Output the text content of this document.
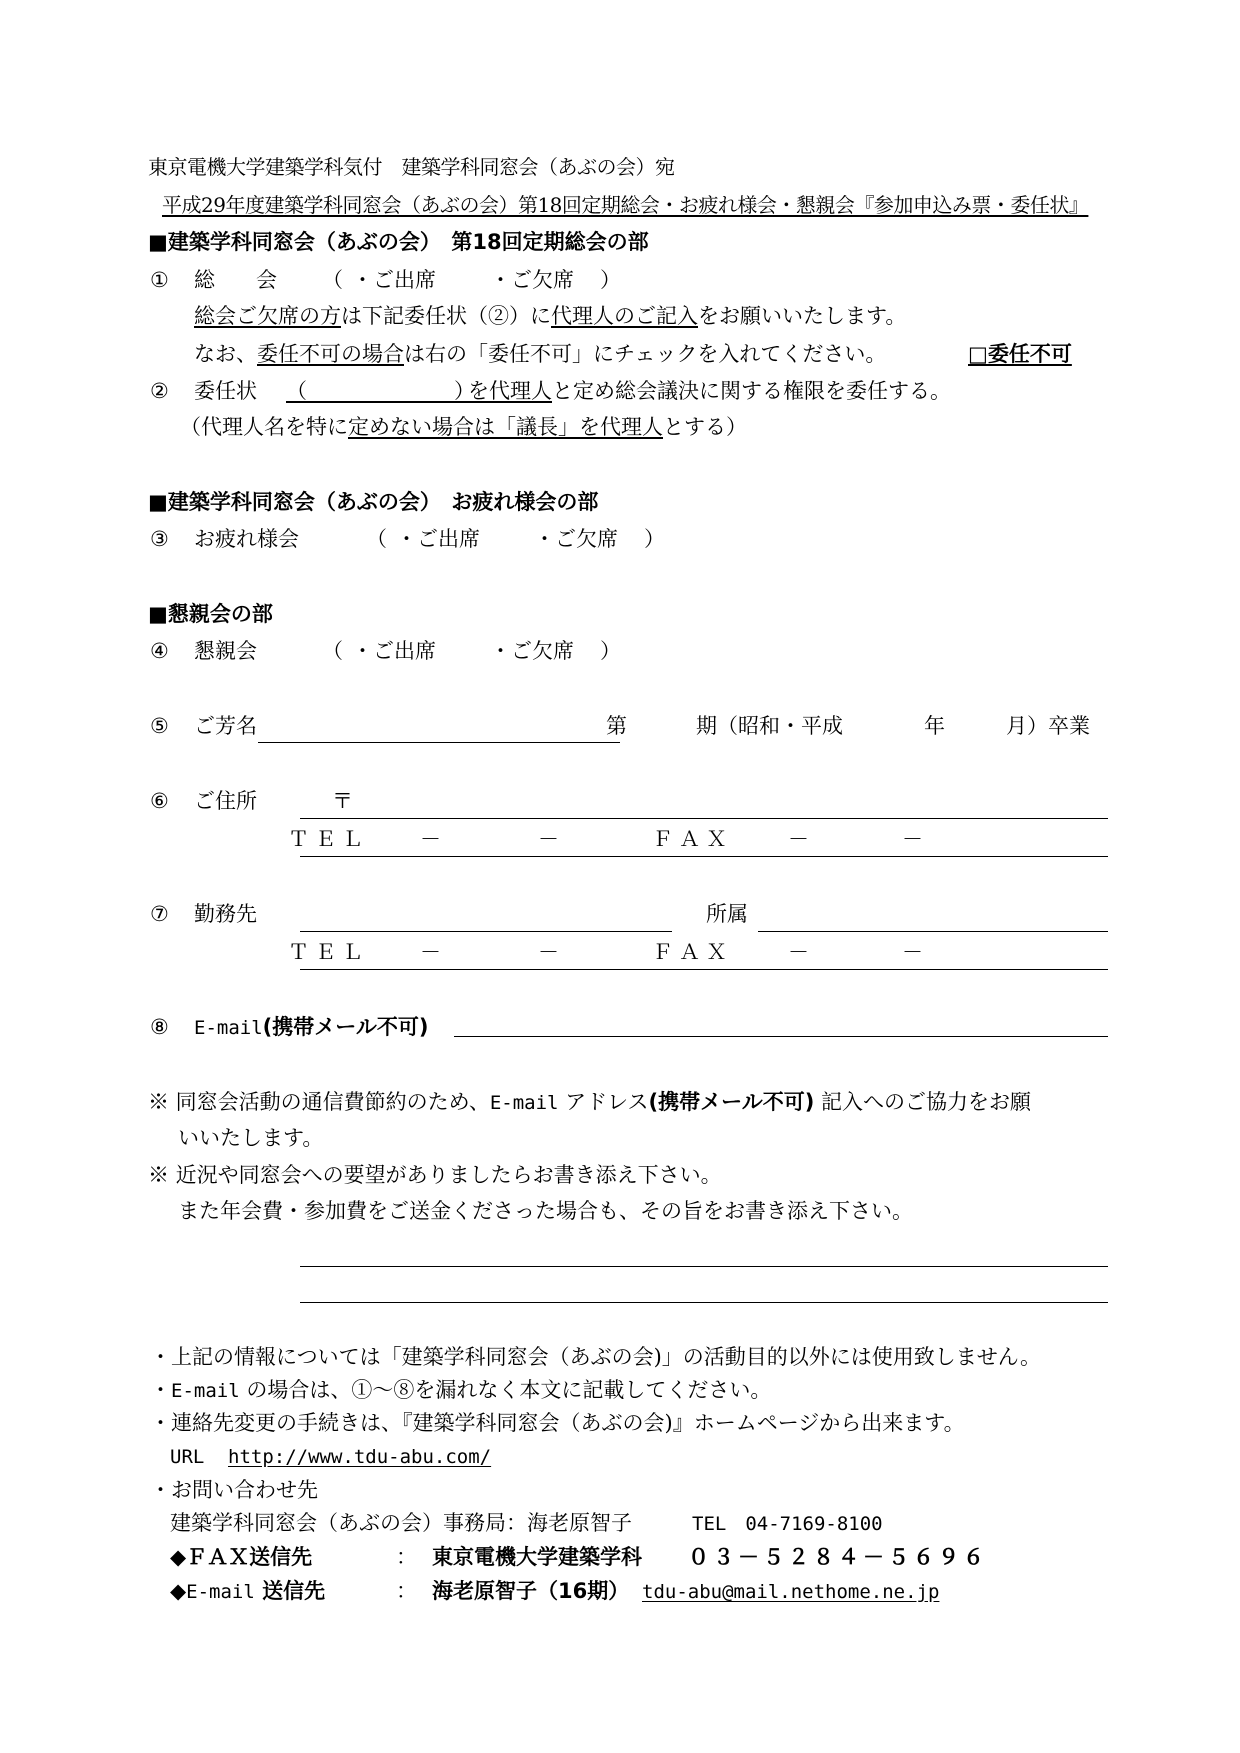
東京電機大学建築学科気付　建築学科同窓会（あぶの会）宛
平成29年度建築学科同窓会（あぶの会）第18回定期総会・お疲れ様会・懇親会『参加申込み票・委任状』
■建築学科同窓会（あぶの会）　第18回定期総会の部
① 総　会 （ ・ご出席	・ご欠席 ）
総会ご欠席の方は下記委任状（②）に代理人のご記入をお願いいたします。
なお、委任不可の場合は右の「委任不可」にチェックを入れてください。	□委任不可
② 委任状 （　　　　　　　）
を代理人と定め総会議決に関する権限を委任する。
（代理人名を特に定めない場合は「議長」を代理人とする）
■建築学科同窓会（あぶの会）　お疲れ様会の部
③ お疲れ様会	（ ・ご出席	・ご欠席 ）
■懇親会の部
④ 懇親会	（ ・ご出席	・ご欠席 ）
⑤ ご芳名	第	期（昭和・平成	年	月）卒業
⑥ ご住所	〒
ＴＥＬ －	－	ＦＡＸ	－	－
⑦ 勤務先	所属
ＴＥＬ －	－	ＦＡＸ	－	－
⑧ E-mail(携帯メール不可)
※ 同窓会活動の通信費節約のため、E-mail アドレス(携帯メール不可) 記入へのご協力をお願
いいたします。
※ 近況や同窓会への要望がありましたらお書き添え下さい。
また年会費・参加費をご送金くださった場合も、その旨をお書き添え下さい。
・上記の情報については「建築学科同窓会（あぶの会)」の活動目的以外には使用致しません。
・E-mail の場合は、①～⑧を漏れなく本文に記載してください。
・連絡先変更の手続きは、『建築学科同窓会（あぶの会)』ホームページから出来ます。
URL http://www.tdu-abu.com/
・お問い合わせ先
建築学科同窓会（あぶの会）事務局：海老原智子	TEL　04-7169-8100
◆ＦＡＸ送信先	： 東京電機大学建築学科 ０３－５２８４－５６９６
◆E-mail 送信先	： 海老原智子（16期） tdu-abu@mail.nethome.ne.jp
